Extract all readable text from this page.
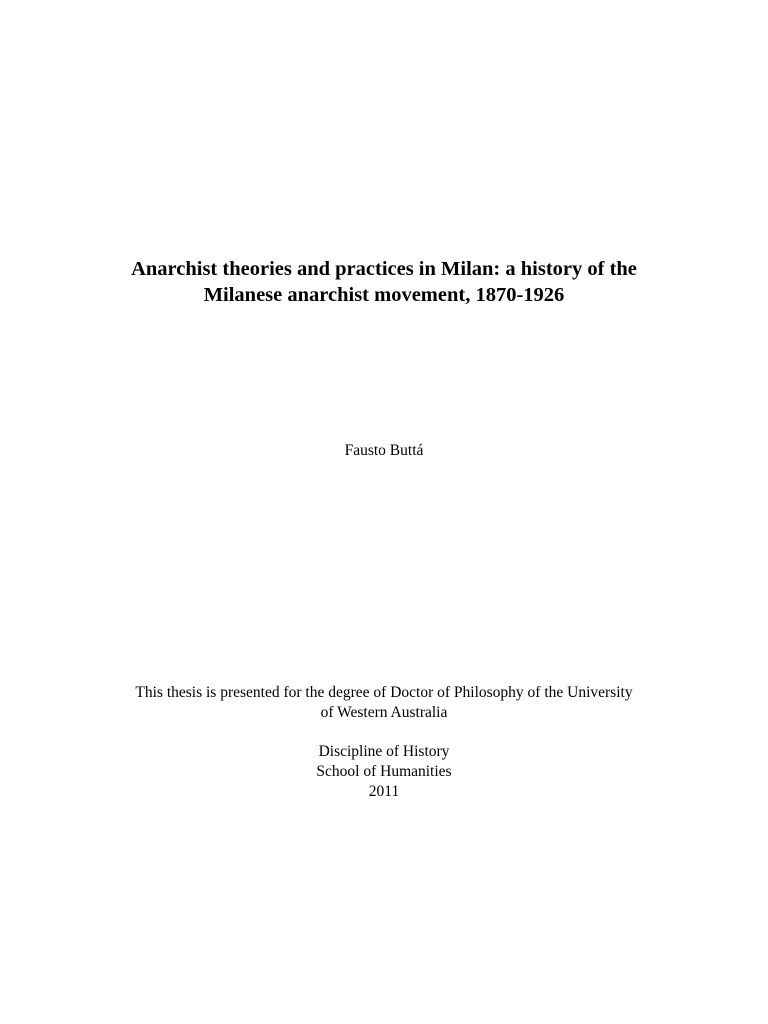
Anarchist theories and practices in Milan: a history of the
Milanese anarchist movement, 1870-1926

Fausto Buttá

This thesis is presented for the degree of Doctor of Philosophy of the University
of Western Australia

Discipline of History
School of Humanities
2011
